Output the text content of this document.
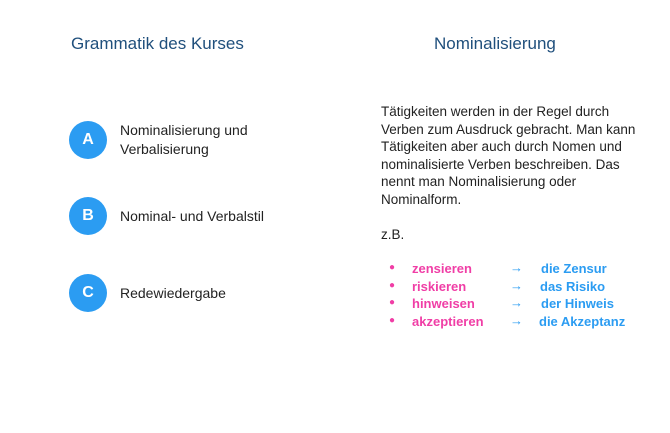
Grammatik des Kurses	Nominalisierung
A
Nominalisierung und Verbalisierung
B	Nominal- und Verbalstil
C	Redewiedergabe
Tätigkeiten werden in der Regel durch Verben zum Ausdruck gebracht. Man kann Tätigkeiten aber auch durch Nomen und nominalisierte Verben beschreiben. Das nennt man Nominalisierung oder Nominalform.
z.B.
● zensieren	→ die Zensur
● riskieren	→ das Risiko
● hinweisen	→ der Hinweis
● akzeptieren → die Akzeptanz
